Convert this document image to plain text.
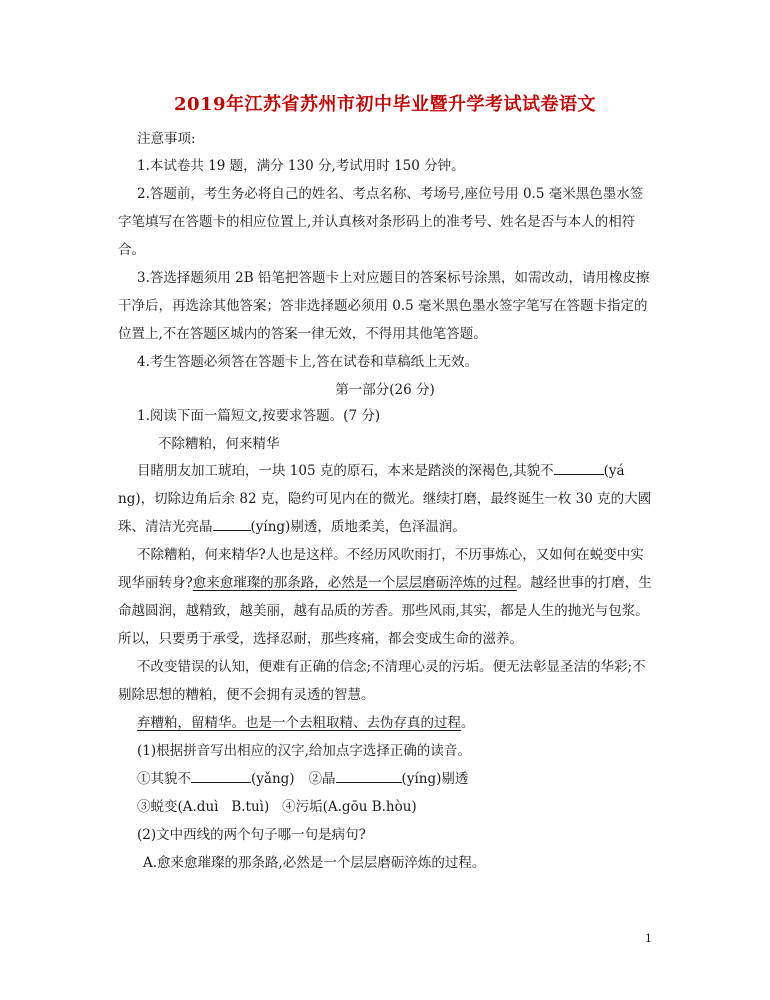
2019年江苏省苏州市初中毕业暨升学考试试卷语文
注意事项:
1.本试卷共 19 题，满分 130 分,考试用时 150 分钟。
2.答题前，考生务必将自己的姓名、考点名称、考场号,座位号用 0.5 毫米黑色墨水签
字笔填写在答题卡的相应位置上,并认真核对条形码上的准考号、姓名是否与本人的相符
合。
3.答选择题须用 2B 铅笔把答题卡上对应题目的答案标号涂黑，如需改动，请用橡皮擦
干净后，再选涂其他答案；答非选择题必须用 0.5 毫米黑色墨水签字笔写在答题卡指定的
位置上,不在答题区城内的答案一律无效，不得用其他笔答题。
4.考生答题必须答在答题卡上,答在试卷和草稿纸上无效。
第一部分(26 分)
1.阅读下面一篇短文,按要求答题。(7 分)
不除糟粕，何来精华
目睹朋友加工琥珀，一块 105 克的原石，本来是踏淡的深褐色,其貌不	(yá
ng)，切除边角后余 82 克，隐约可见内在的微光。继续打磨，最终诞生一枚 30 克的大國
珠、清洁光亮晶	(yíng)剔透，质地柔美，色泽温润。
不除糟粕，何来精华?人也是这样。不经历风吹雨打，不历事炼心，又如何在蜕变中实
现华丽转身?愈来愈璀璨的那条路，必然是一个层层磨砺淬炼的过程。越经世事的打磨，生
命越圆润，越精致，越美丽，越有品质的芳香。那些风雨,其实，都是人生的抛光与包浆。
所以，只要勇于承受，选择忍耐，那些疼痛，都会变成生命的滋养。
不改变错误的认知，便难有正确的信念;不清理心灵的污垢。便无法彰显圣洁的华彩;不
剔除思想的糟粕，便不会拥有灵透的智慧。
弃糟粕，留精华。也是一个去粗取精、去伪存真的过程。
(1)根据拼音写出相应的汉字,给加点字选择正确的读音。
①其貌不	(yǎng) ②晶	(yíng)剔透
③蜕变(A.duì   B.tuì)   ④污垢(A.gōu B.hòu)
(2)文中西线的两个句子哪一句是病句?
A.愈来愈璀璨的那条路,必然是一个层层磨砺淬炼的过程。
1
